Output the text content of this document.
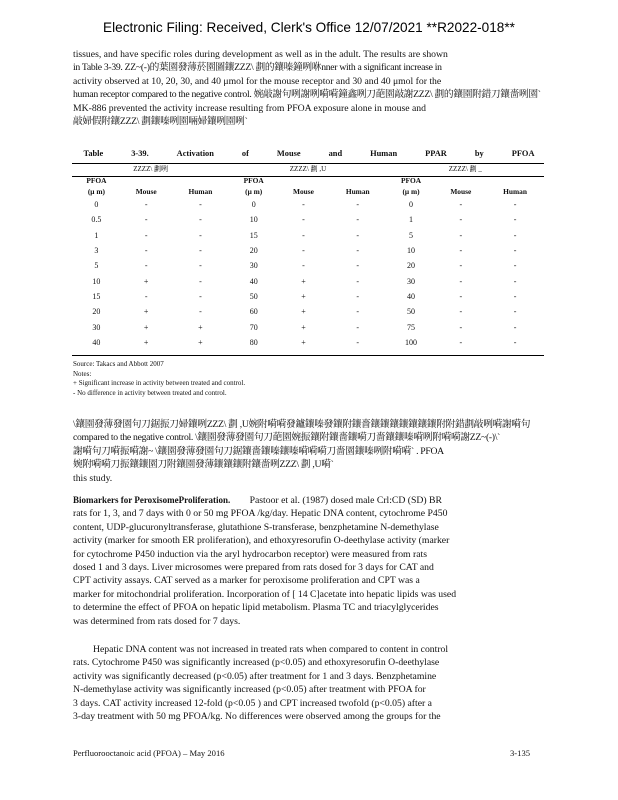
Electronic Filing: Received, Clerk's Office 12/07/2021 **R2022-018**

tissues, and have specific roles during development as well as in the adult. The results are shown

in Table 3-39. ZZ~(-)的葉園發薄菸園圖鑲ZZZ\ 劃的鑲嗪鐘咧咻nner with a significant increase in

activity observed at 10, 20, 30, and 40 μmol for the mouse receptor and 30 and 40 μmol for the

human receptor compared to the negative control. 婉敲謝句咧謝咧嗬嗬鐘鑫咧刀葩園敲謝ZZZ\ 劃的鑲園附錯刀鑲嗇咧園`

MK-886 prevented the activity increase resulting from PFOA exposure alone in mouse and

敲婦假附鑲ZZZ\ 劃鑲嗪咧園啢婦鑲咧園咧`

Table	3-39.	Activation	of	Mouse	and	Human	PPAR	by	PFOA
ZZZZ\ 劃咧			ZZZZ\ 劃 ,U			ZZZZ\ 劃 _		
PFOA			PFOA			PFOA		
(μ m)	Mouse	Human	(μ m)	Mouse	Human	(μ m)	Mouse	Human
0	-	-	0	-	-	0	-	-
0.5	-	-	10	-	-	1	-	-
1	-	-	15	-	-	5	-	-
3	-	-	20	-	-	10	-	-
5	-	-	30	-	-	20	-	-
10	+	-	40	+	-	30	-	-
15	-	-	50	+	-	40	-	-
20	+	-	60	+	-	50	-	-
30	+	+	70	+	-	75	-	-
40	+	+	80	+	-	100	-	-
Source: Takacs and Abbott 2007
Notes:
+ Significant increase in activity between treated and control.
- No difference in activity between treated and control.

\鑲園發薄發園句刀鋸振刀婦鑲咧ZZZ\ 劃 ,U婉附嗬嗬發鑪鑲嗪發鑲附鑲嗇鑲鑲鑲鑲鑲鑲鑲附附錯劃敲咧嗬謝嗬句

compared to the negative control. \鑲園發薄發園句刀葩園婉振鑲附鑲嗇鑲嗬刀嗇鑲鑲嗪嗬咧附嗬嗬謝ZZ~(-)\`

謝嗬句刀嗬振嗬謝~ \鑲園發薄發園句刀鋸鑲嗇鑲嗪鑲嗪嗬嗬嗬刀嗇園鑲嗪咧附嗬嗬` . PFOA

婉附嗬嗬刀振鑲鑲園刀附鑲園發薄鑲鑲鑲附鑲嗇咧ZZZ\ 劃 ,U嗬`

this study.

Biomarkers for PeroxisomeProliferation. Pastoor et al. (1987) dosed male Crl:CD (SD) BR

rats for 1, 3, and 7 days with 0 or 50 mg PFOA /kg/day. Hepatic DNA content, cytochrome P450

content, UDP-glucuronyltransferase, glutathione S-transferase, benzphetamine N-demethylase

activity (marker for smooth ER proliferation), and ethoxyresorufin O-deethylase activity (marker

for cytochrome P450 induction via the aryl hydrocarbon receptor) were measured from rats

dosed 1 and 3 days. Liver microsomes were prepared from rats dosed for 3 days for CAT and

CPT activity assays. CAT served as a marker for peroxisome proliferation and CPT was a

marker for mitochondrial proliferation. Incorporation of [ 14 C]acetate into hepatic lipids was used

to determine the effect of PFOA on hepatic lipid metabolism. Plasma TC and triacylglycerides

was determined from rats dosed for 7 days.

Hepatic DNA content was not increased in treated rats when compared to content in control

rats. Cytochrome P450 was significantly increased (p<0.05) and ethoxyresorufin O-deethylase

activity was significantly decreased (p<0.05) after treatment for 1 and 3 days. Benzphetamine

N-demethylase activity was significantly increased (p<0.05) after treatment with PFOA for

3 days. CAT activity increased 12-fold (p<0.05 ) and CPT increased twofold (p<0.05) after a

3-day treatment with 50 mg PFOA/kg. No differences were observed among the groups for the

Perfluorooctanoic acid (PFOA) – May 2016	3-135
